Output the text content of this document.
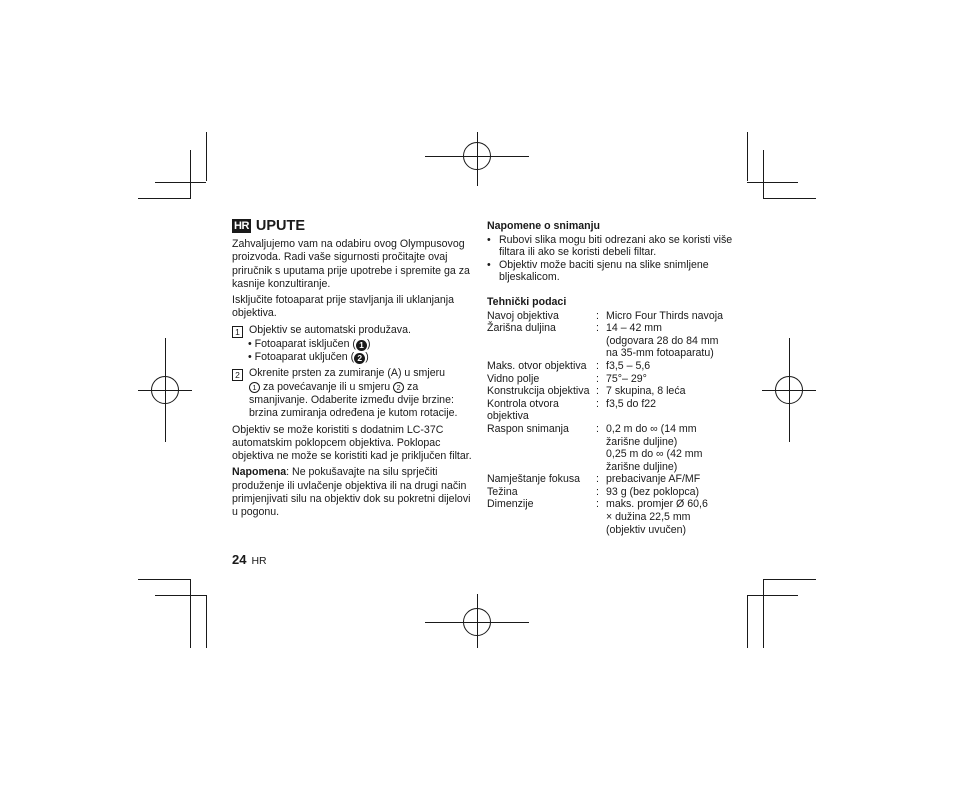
HR UPUTE

Zahvaljujemo vam na odabiru ovog Olympusovog proizvoda. Radi vaše sigurnosti pročitajte ovaj priručnik s uputama prije upotrebe i spremite ga za kasnije konzultiranje.

Isključite fotoaparat prije stavljanja ili uklanjanja objektiva.

1 Objektiv se automatski produžava.
• Fotoaparat isključen ( 1 )
• Fotoaparat uključen ( 2 )
2 Okrenite prsten za zumiranje (A) u smjeru
1 za povećavanje ili u smjeru 2 za smanjivanje. Odaberite između dvije brzine: brzina zumiranja određena je kutom rotacije.

Objektiv se može koristiti s dodatnim LC-37C automatskim poklopcem objektiva. Poklopac objektiva ne može se koristiti kad je priključen filtar.

Napomena: Ne pokušavajte na silu sprječiti produženje ili uvlačenje objektiva ili na drugi način primjenjivati silu na objektiv dok su pokretni dijelovi u pogonu.

Napomene o snimanju
• Rubovi slika mogu biti odrezani ako se koristi više filtara ili ako se koristi debeli filtar.
• Objektiv može baciti sjenu na slike snimljene bljeskalicom.
Tehnički podaci
Navoj objektiva	: Micro Four Thirds navoja
Žarišna duljina	: 14 – 42 mm
(odgovara 28 do 84 mm
na 35-mm fotoaparatu)
Maks. otvor objektiva : f3,5 – 5,6
Vidno polje	: 75°– 29°
Konstrukcija objektiva : 7 skupina, 8 leća
Kontrola otvora objektiva
: f3,5 do f22
Raspon snimanja	: 0,2 m do ∞ (14 mm
žarišne duljine)
0,25 m do ∞ (42 mm
žarišne duljine)
Namještanje fokusa	: prebacivanje AF/MF
Težina	: 93 g (bez poklopca)
Dimenzije	: maks. promjer Ø 60,6
× dužina 22,5 mm
(objektiv uvučen)
24 HR
